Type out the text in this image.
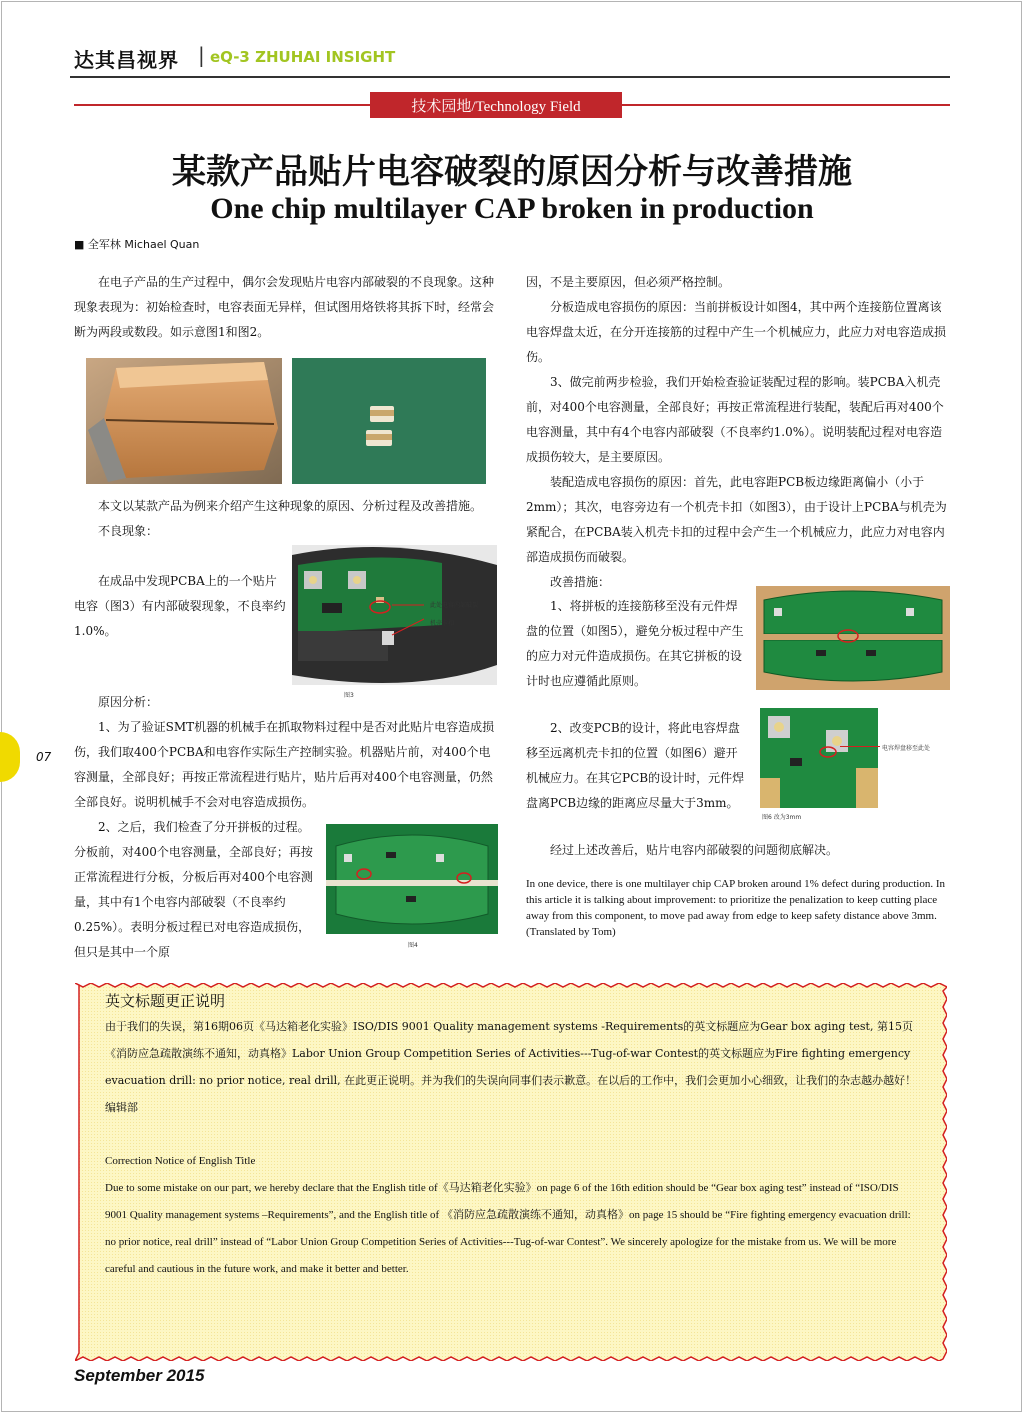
达其昌视界 | eQ-3 ZHUHAI INSIGHT
技术园地/Technology Field
某款产品贴片电容破裂的原因分析与改善措施
One chip multilayer CAP broken in production
■ 全军林 Michael Quan

在电子产品的生产过程中，偶尔会发现贴片电容内部破裂的不良现象。这种现象表现为：初始检查时，电容表面无异样，但试图用烙铁将其拆下时，经常会断为两段或数段。如示意图1和图2。

本文以某款产品为例来介绍产生这种现象的原因、分析过程及改善措施。

不良现象：

在成品中发现PCBA上的一个贴片电容（图3）有内部破裂现象，不良率约1.0%。

此处电容内部破裂
机壳卡扣
图3

原因分析：

1、为了验证SMT机器的机械手在抓取物料过程中是否对此贴片电容造成损伤，我们取400个PCBA和电容作实际生产控制实验。机器贴片前，对400个电容测量，全部良好；再按正常流程进行贴片，贴片后再对400个电容测量，仍然全部良好。说明机械手不会对电容造成损伤。

2、之后，我们检查了分开拼板的过程。分板前，对400个电容测量，全部良好；再按正常流程进行分板，分板后再对400个电容测量，其中有1个电容内部破裂（不良率约0.25%）。表明分板过程已对电容造成损伤，但只是其中一个原	图4

因，不是主要原因，但必须严格控制。

分板造成电容损伤的原因：当前拼板设计如图4，其中两个连接筋位置离该电容焊盘太近，在分开连接筋的过程中产生一个机械应力，此应力对电容造成损伤。

3、做完前两步检验，我们开始检查验证装配过程的影响。装PCBA入机壳前，对400个电容测量，全部良好；再按正常流程进行装配，装配后再对400个电容测量，其中有4个电容内部破裂（不良率约1.0%）。说明装配过程对电容造成损伤较大，是主要原因。

装配造成电容损伤的原因：首先，此电容距PCB板边缘距离偏小（小于2mm）；其次，电容旁边有一个机壳卡扣（如图3），由于设计上PCBA与机壳为紧配合，在PCBA装入机壳卡扣的过程中会产生一个机械应力，此应力对电容内部造成损伤而破裂。

改善措施：

1、将拼板的连接筋移至没有元件焊盘的位置（如图5），避免分板过程中产生的应力对元件造成损伤。在其它拼板的设计时也应遵循此原则。

2、改变PCB的设计，将此电容焊盘移至远离机壳卡扣的位置（如图6）避开机械应力。在其它PCB的设计时，元件焊盘离PCB边缘的距离应尽量大于3mm。

电容焊盘移至此处
图6 改为3mm

经过上述改善后，贴片电容内部破裂的问题彻底解决。

In one device, there is one multilayer chip CAP broken around 1% defect during production. In this article it is talking about improvement: to prioritize the penalization to keep cutting place away from this component, to move pad away from edge to keep safety distance above 3mm. (Translated by Tom)
07
英文标题更正说明
由于我们的失误，第16期06页《马达箱老化实验》ISO/DIS 9001 Quality management systems -Requirements的英文标题应为Gear box aging test, 第15页《消防应急疏散演练不通知，动真格》Labor Union Group Competition Series of Activities---Tug-of-war Contest的英文标题应为Fire fighting emergency evacuation drill: no prior notice, real drill, 在此更正说明。并为我们的失误向同事们表示歉意。在以后的工作中，我们会更加小心细致，让我们的杂志越办越好！
编辑部
Correction Notice of English Title
Due to some mistake on our part, we hereby declare that the English title of《马达箱老化实验》on page 6 of the 16th edition should be “Gear box aging test” instead of “ISO/DIS 9001 Quality management systems –Requirements”, and the English title of 《消防应急疏散演练不通知，动真格》on page 15 should be “Fire fighting emergency evacuation drill: no prior notice, real drill” instead of “Labor Union Group Competition Series of Activities---Tug-of-war Contest”. We sincerely apologize for the mistake from us. We will be more careful and cautious in the future work, and make it better and better.
September 2015
